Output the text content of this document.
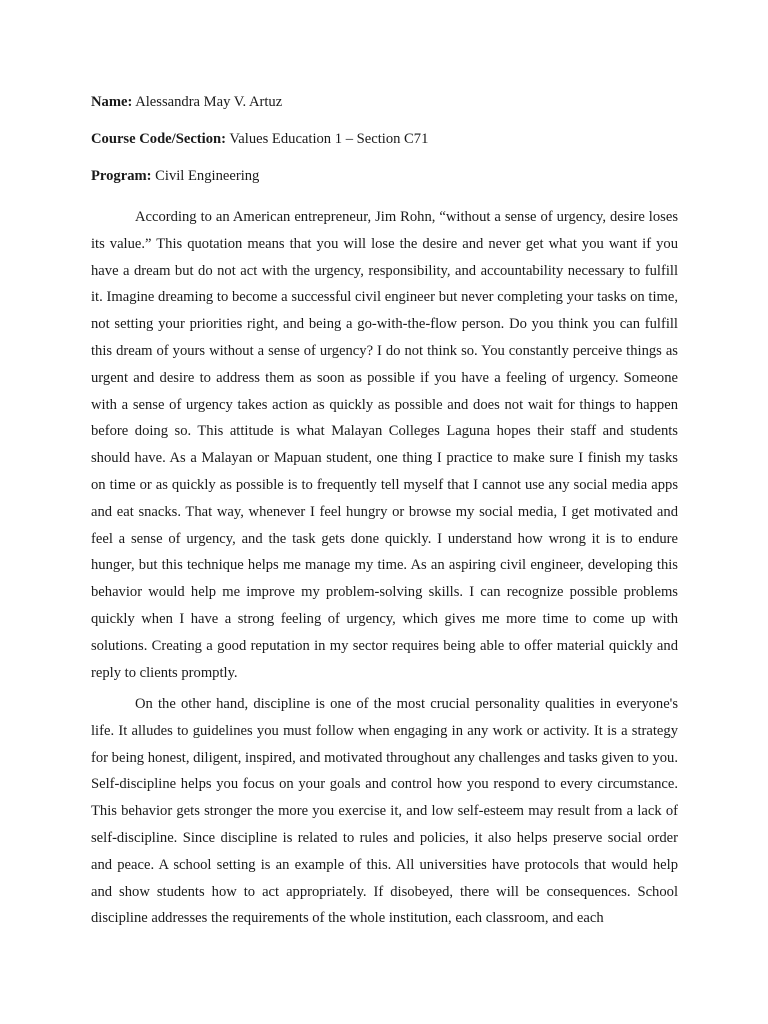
Name: Alessandra May V. Artuz
Course Code/Section: Values Education 1 – Section C71
Program: Civil Engineering

According to an American entrepreneur, Jim Rohn, “without a sense of urgency, desire loses its value.” This quotation means that you will lose the desire and never get what you want if you have a dream but do not act with the urgency, responsibility, and accountability necessary to fulfill it. Imagine dreaming to become a successful civil engineer but never completing your tasks on time, not setting your priorities right, and being a go-with-the-flow person. Do you think you can fulfill this dream of yours without a sense of urgency? I do not think so. You constantly perceive things as urgent and desire to address them as soon as possible if you have a feeling of urgency. Someone with a sense of urgency takes action as quickly as possible and does not wait for things to happen before doing so. This attitude is what Malayan Colleges Laguna hopes their staff and students should have. As a Malayan or Mapuan student, one thing I practice to make sure I finish my tasks on time or as quickly as possible is to frequently tell myself that I cannot use any social media apps and eat snacks. That way, whenever I feel hungry or browse my social media, I get motivated and feel a sense of urgency, and the task gets done quickly. I understand how wrong it is to endure hunger, but this technique helps me manage my time. As an aspiring civil engineer, developing this behavior would help me improve my problem-solving skills. I can recognize possible problems quickly when I have a strong feeling of urgency, which gives me more time to come up with solutions. Creating a good reputation in my sector requires being able to offer material quickly and reply to clients promptly.

On the other hand, discipline is one of the most crucial personality qualities in everyone's life. It alludes to guidelines you must follow when engaging in any work or activity. It is a strategy for being honest, diligent, inspired, and motivated throughout any challenges and tasks given to you. Self-discipline helps you focus on your goals and control how you respond to every circumstance. This behavior gets stronger the more you exercise it, and low self-esteem may result from a lack of self-discipline. Since discipline is related to rules and policies, it also helps preserve social order and peace. A school setting is an example of this. All universities have protocols that would help and show students how to act appropriately. If disobeyed, there will be consequences. School discipline addresses the requirements of the whole institution, each classroom, and each
